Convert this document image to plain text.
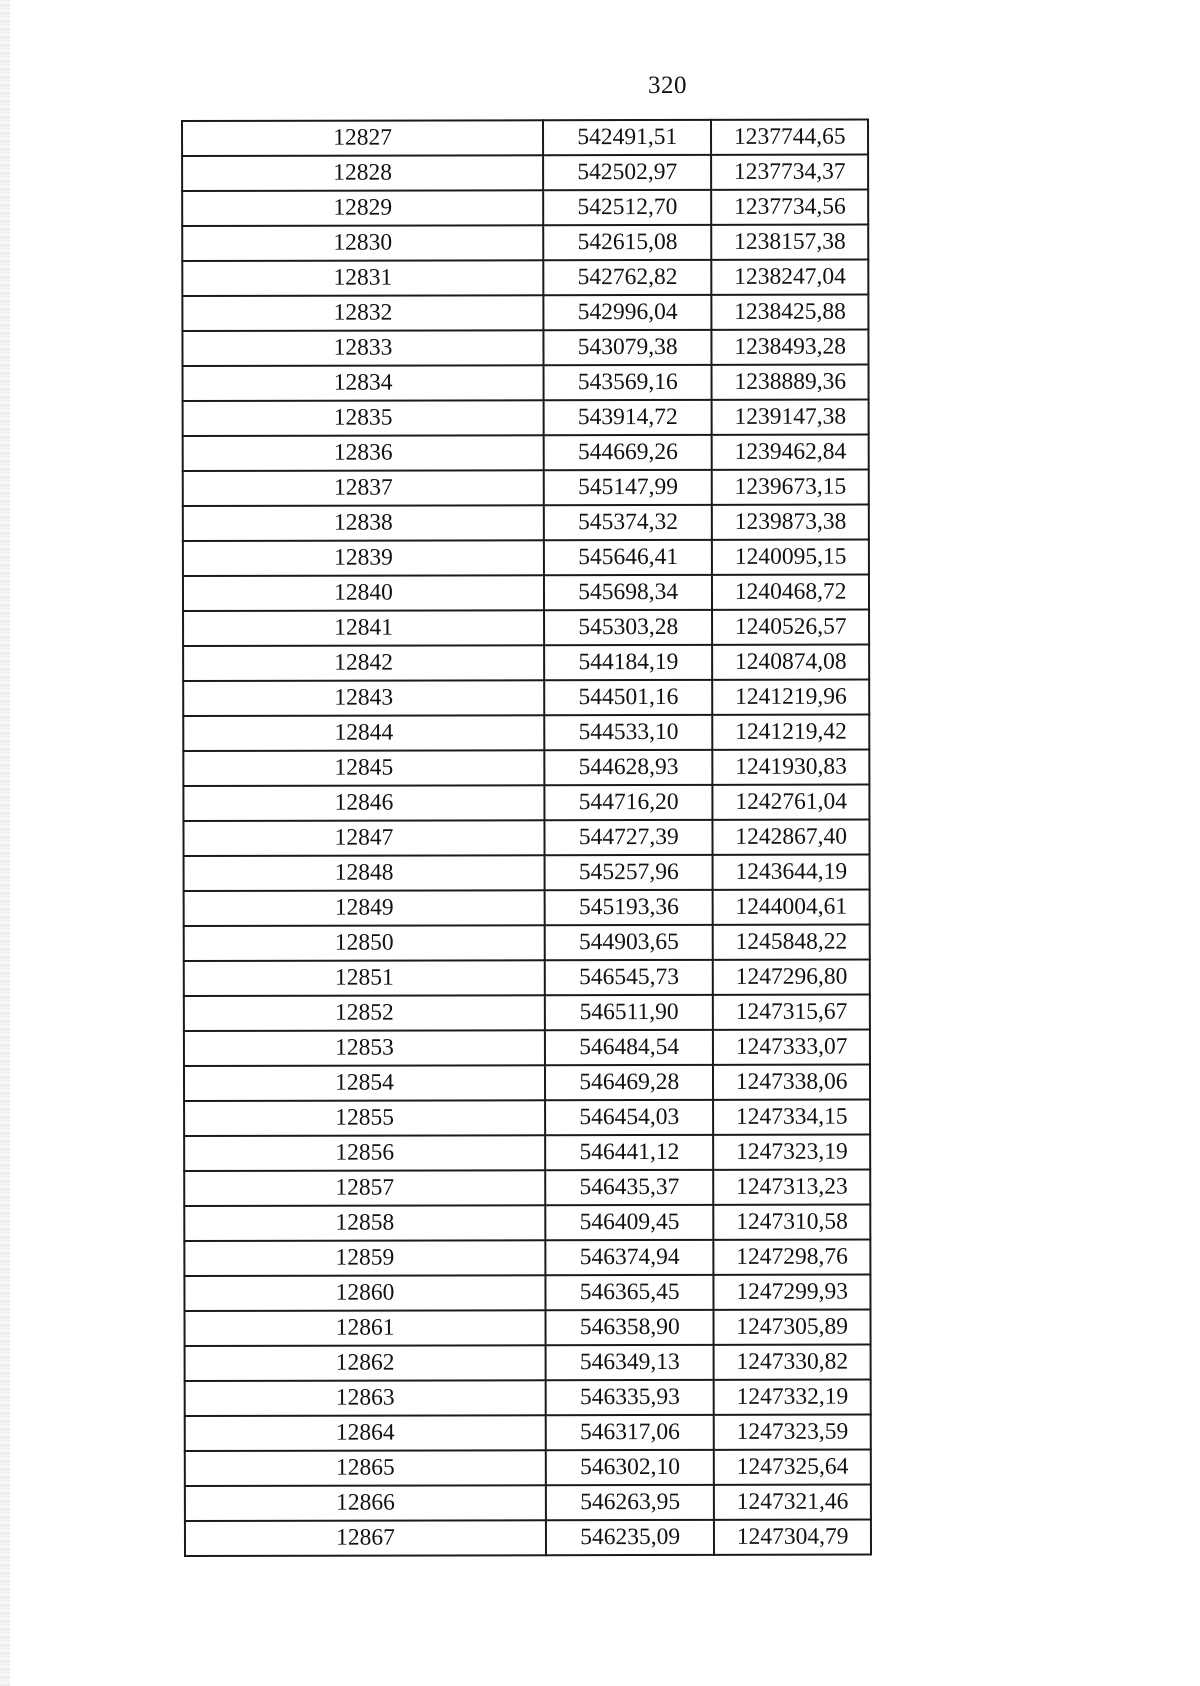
320
12827	542491,51	1237744,65
12828	542502,97	1237734,37
12829	542512,70	1237734,56
12830	542615,08	1238157,38
12831	542762,82	1238247,04
12832	542996,04	1238425,88
12833	543079,38	1238493,28
12834	543569,16	1238889,36
12835	543914,72	1239147,38
12836	544669,26	1239462,84
12837	545147,99	1239673,15
12838	545374,32	1239873,38
12839	545646,41	1240095,15
12840	545698,34	1240468,72
12841	545303,28	1240526,57
12842	544184,19	1240874,08
12843	544501,16	1241219,96
12844	544533,10	1241219,42
12845	544628,93	1241930,83
12846	544716,20	1242761,04
12847	544727,39	1242867,40
12848	545257,96	1243644,19
12849	545193,36	1244004,61
12850	544903,65	1245848,22
12851	546545,73	1247296,80
12852	546511,90	1247315,67
12853	546484,54	1247333,07
12854	546469,28	1247338,06
12855	546454,03	1247334,15
12856	546441,12	1247323,19
12857	546435,37	1247313,23
12858	546409,45	1247310,58
12859	546374,94	1247298,76
12860	546365,45	1247299,93
12861	546358,90	1247305,89
12862	546349,13	1247330,82
12863	546335,93	1247332,19
12864	546317,06	1247323,59
12865	546302,10	1247325,64
12866	546263,95	1247321,46
12867	546235,09	1247304,79
